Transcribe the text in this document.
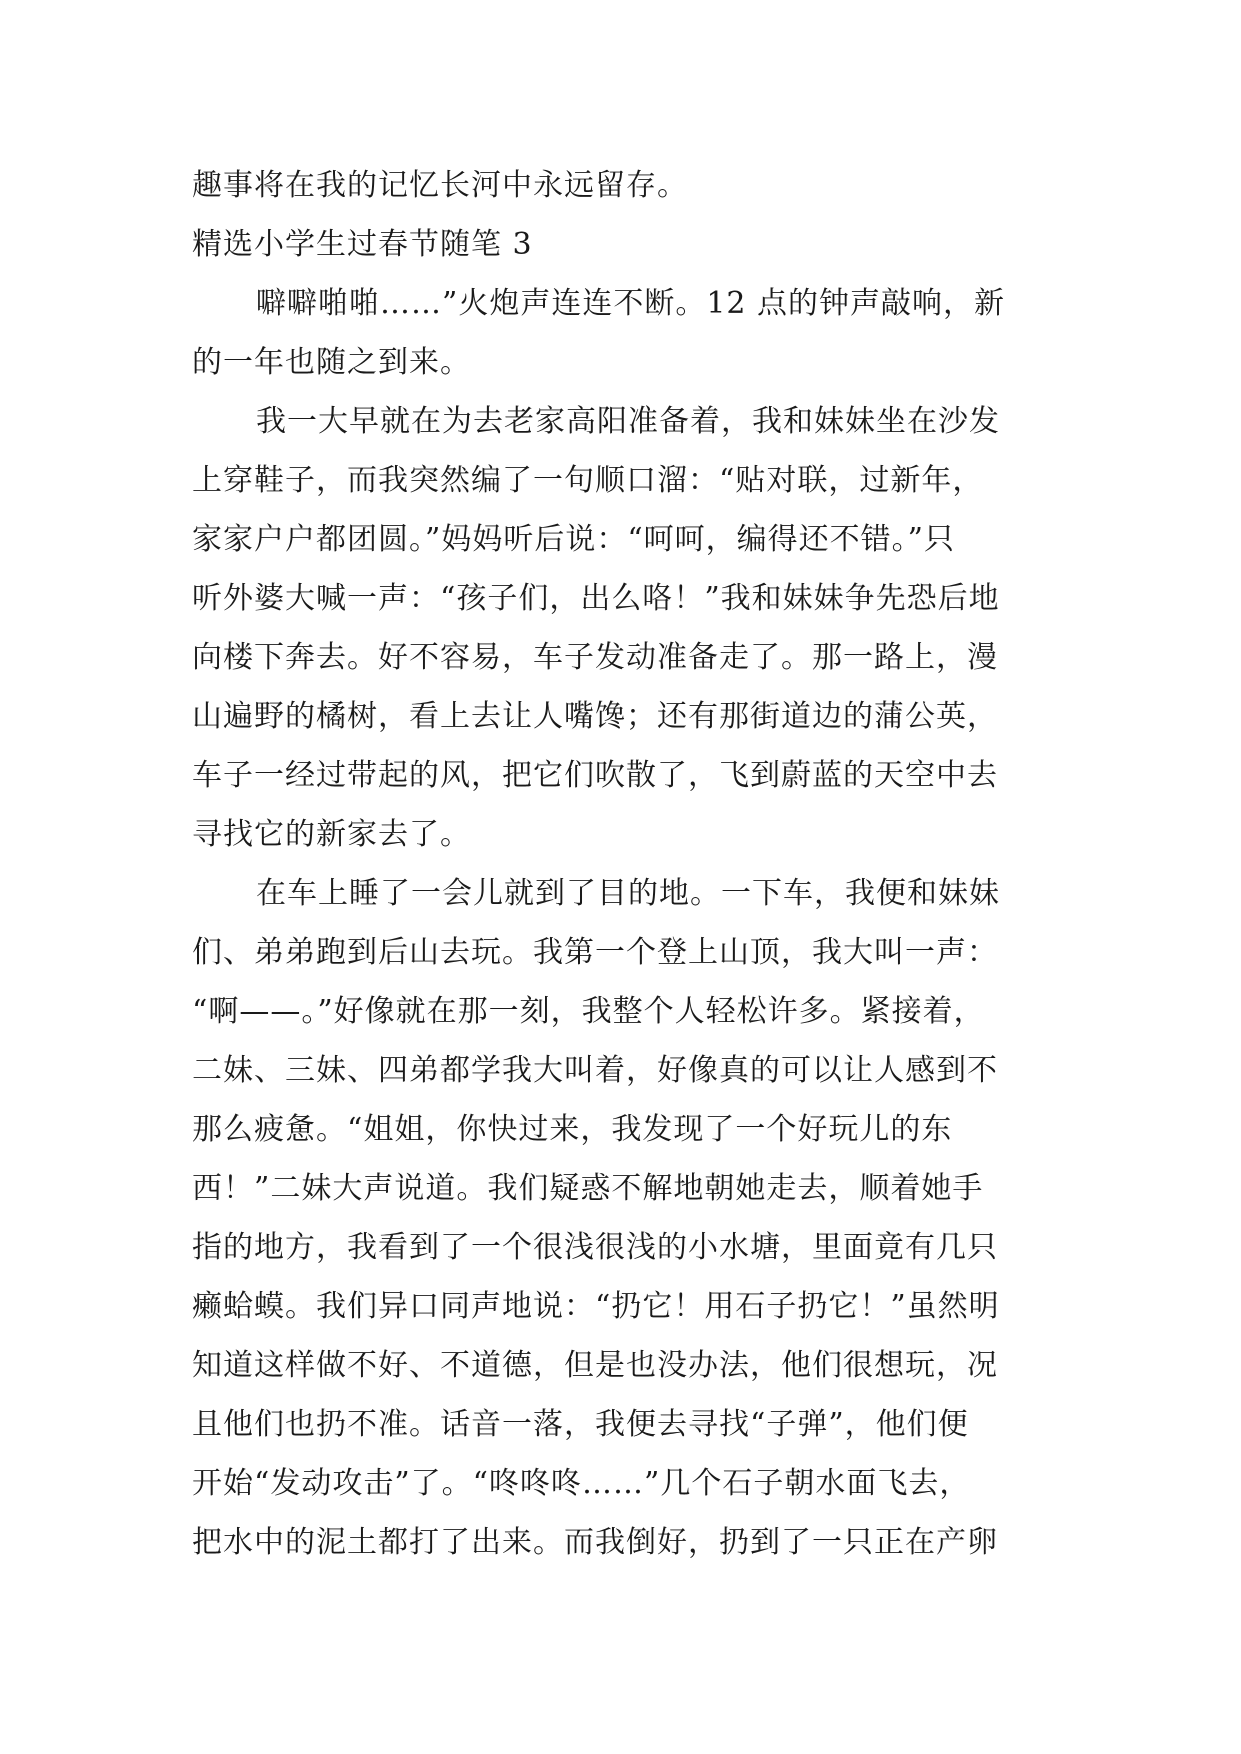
趣事将在我的记忆长河中永远留存。
精选小学生过春节随笔 3
噼噼啪啪……”火炮声连连不断。12 点的钟声敲响，新
的一年也随之到来。
我一大早就在为去老家高阳准备着，我和妹妹坐在沙发
上穿鞋子，而我突然编了一句顺口溜：“贴对联，过新年，
家家户户都团圆。”妈妈听后说：“呵呵，编得还不错。”只
听外婆大喊一声：“孩子们，出么咯！”我和妹妹争先恐后地
向楼下奔去。好不容易，车子发动准备走了。那一路上，漫
山遍野的橘树，看上去让人嘴馋；还有那街道边的蒲公英，
车子一经过带起的风，把它们吹散了，飞到蔚蓝的天空中去
寻找它的新家去了。
在车上睡了一会儿就到了目的地。一下车，我便和妹妹
们、弟弟跑到后山去玩。我第一个登上山顶，我大叫一声：
“啊——。”好像就在那一刻，我整个人轻松许多。紧接着，
二妹、三妹、四弟都学我大叫着，好像真的可以让人感到不
那么疲惫。“姐姐，你快过来，我发现了一个好玩儿的东
西！”二妹大声说道。我们疑惑不解地朝她走去，顺着她手
指的地方，我看到了一个很浅很浅的小水塘，里面竟有几只
癞蛤蟆。我们异口同声地说：“扔它！用石子扔它！”虽然明
知道这样做不好、不道德，但是也没办法，他们很想玩，况
且他们也扔不准。话音一落，我便去寻找“子弹”，他们便
开始“发动攻击”了。“咚咚咚……”几个石子朝水面飞去，
把水中的泥土都打了出来。而我倒好，扔到了一只正在产卵
